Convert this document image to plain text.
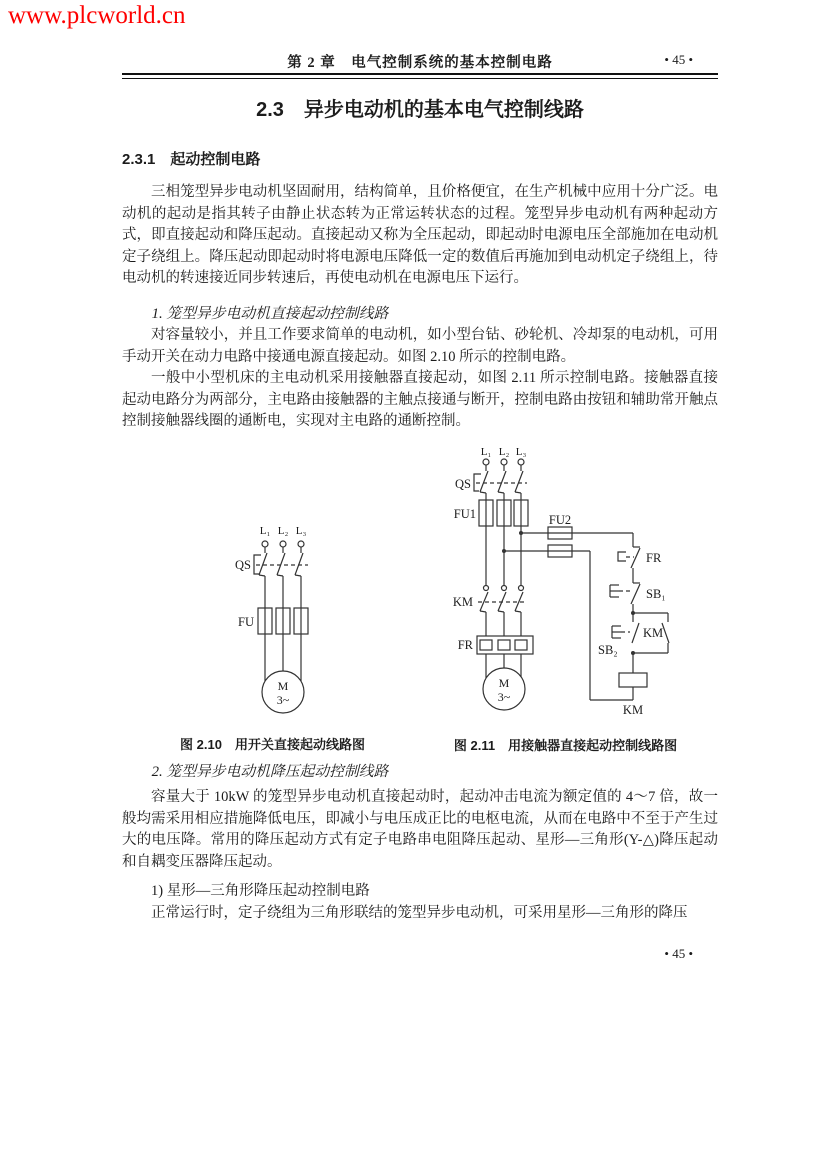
www.plcworld.cn
第 2 章　电气控制系统的基本控制电路	• 45 •
2.3　异步电动机的基本电气控制线路
2.3.1　起动控制电路
三相笼型异步电动机坚固耐用，结构简单，且价格便宜，在生产机械中应用十分广泛。电动机的起动是指其转子由静止状态转为正常运转状态的过程。笼型异步电动机有两种起动方式，即直接起动和降压起动。直接起动又称为全压起动，即起动时电源电压全部施加在电动机定子绕组上。降压起动即起动时将电源电压降低一定的数值后再施加到电动机定子绕组上，待电动机的转速接近同步转速后，再使电动机在电源电压下运行。
1. 笼型异步电动机直接起动控制线路
对容量较小，并且工作要求简单的电动机，如小型台钻、砂轮机、冷却泵的电动机，可用手动开关在动力电路中接通电源直接起动。如图 2.10 所示的控制电路。
一般中小型机床的主电动机采用接触器直接起动，如图 2.11 所示控制电路。接触器直接起动电路分为两部分，主电路由接触器的主触点接通与断开，控制电路由按钮和辅助常开触点控制接触器线圈的通断电，实现对主电路的通断控制。
L₁ L₂ L₃
QS
FU
M
3~
L₁ L₂ L₃
QS
FU1	FU2
FR
SB₁
SB₂
KM
KM
KM
FR
M
3~
图 2.10　用开关直接起动线路图	图 2.11　用接触器直接起动控制线路图
2. 笼型异步电动机降压起动控制线路
容量大于 10kW 的笼型异步电动机直接起动时，起动冲击电流为额定值的 4～7 倍，故一般均需采用相应措施降低电压，即减小与电压成正比的电枢电流，从而在电路中不至于产生过大的电压降。常用的降压起动方式有定子电路串电阻降压起动、星形—三角形(Y-△)降压起动和自耦变压器降压起动。
1) 星形—三角形降压起动控制电路
正常运行时，定子绕组为三角形联结的笼型异步电动机，可采用星形—三角形的降压
• 45 •
